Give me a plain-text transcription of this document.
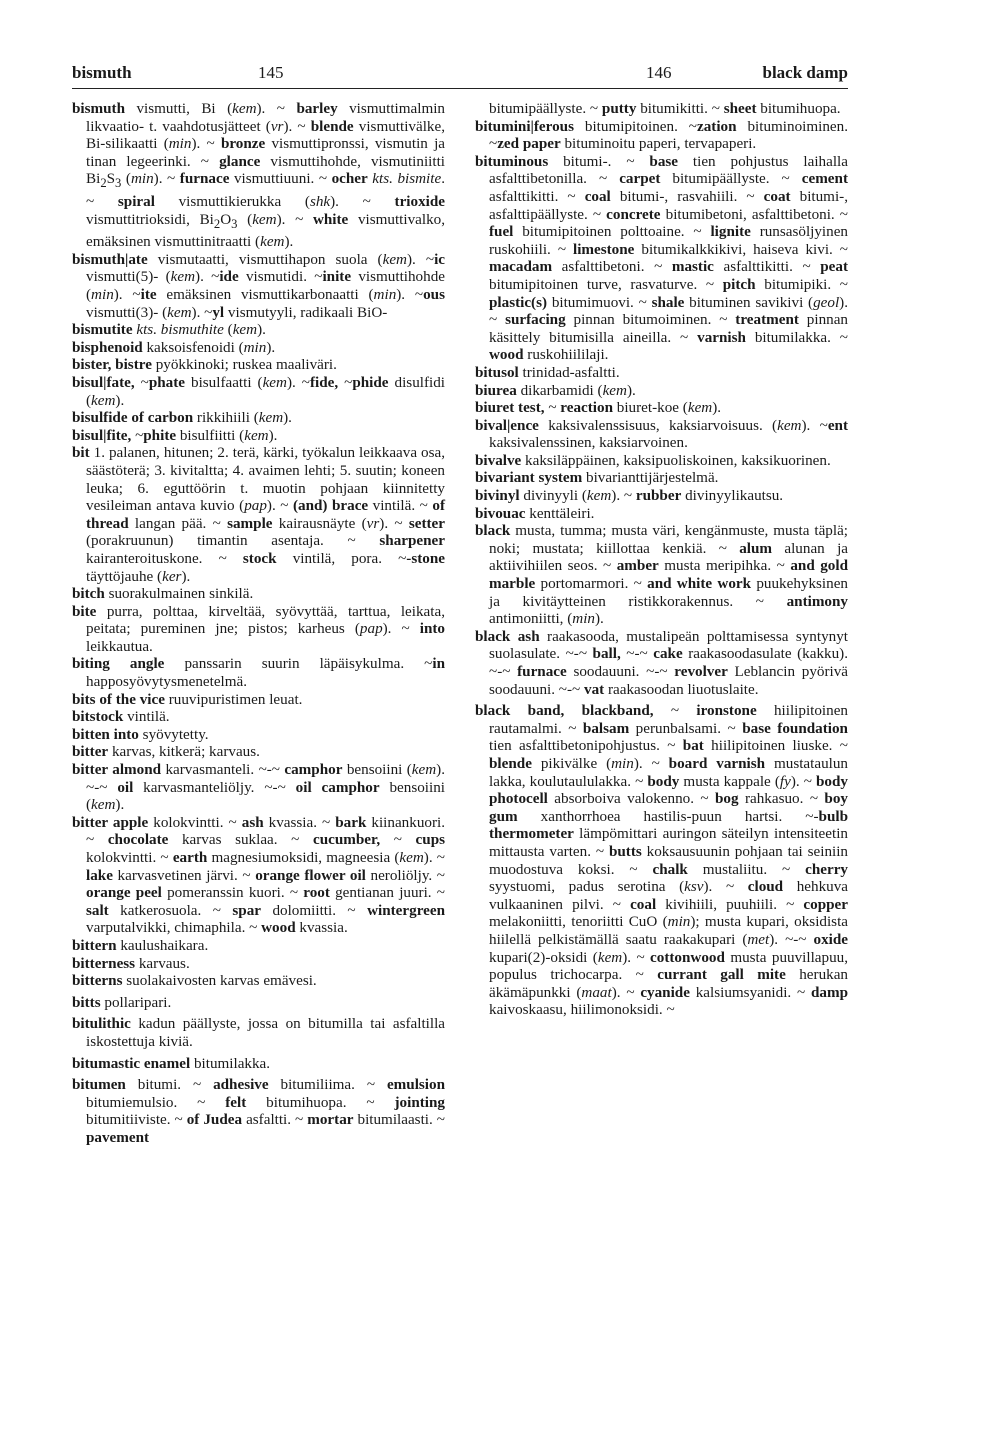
bismuth	145	146	black damp

bismuth vismutti, Bi (kem). ~ barley vismuttimalmin likvaatio- t. vaahdotusjätteet (vr). ~ blende vismuttivälke, Bi-silikaatti (min). ~ bronze vismuttipronssi, vismutin ja tinan legeerinki. ~ glance vismuttihohde, vismutiniitti $Bi_2S_3$ (min). ~ furnace vismuttiuuni. ~ ocher kts. bismite. ~ spiral vismuttikierukka (shk). ~ trioxide vismuttitrioksidi, $Bi_2O_3$ (kem). ~ white vismuttivalko, emäksinen vismuttinitraatti (kem).

bismuth|ate vismutaatti, vismuttihapon suola (kem). ~ic vismutti(5)- (kem). ~ide vismutidi. ~inite vismuttihohde (min). ~ite emäksinen vismuttikarbonaatti (min). ~ous vismutti(3)- (kem). ~yl vismutyyli, radikaali BiO-

bismutite kts. bismuthite (kem).

bisphenoid kaksoisfenoidi (min).

bister, bistre pyökkinoki; ruskea maaliväri.

bisul|fate, ~phate bisulfaatti (kem). ~fide, ~phide disulfidi (kem).

bisulfide of carbon rikkihiili (kem).

bisul|fite, ~phite bisulfiitti (kem).

bit 1. palanen, hitunen; 2. terä, kärki, työkalun leikkaava osa, säästöterä; 3. kivitaltta; 4. avaimen lehti; 5. suutin; koneen leuka; 6. eguttöörin t. muotin pohjaan kiinnitetty vesileiman antava kuvio (pap). ~ (and) brace vintilä. ~ of thread langan pää. ~ sample kairausnäyte (vr). ~ setter (porakruunun) timantin asentaja. ~ sharpener kairanteroituskone. ~ stock vintilä, pora. ~-stone täyttöjauhe (ker).

bitch suorakulmainen sinkilä.

bite purra, polttaa, kirveltää, syövyttää, tarttua, leikata, peitata; pureminen jne; pistos; karheus (pap). ~ into leikkautua.

biting angle panssarin suurin läpäisykulma. ~in happosyövytysmenetelmä.

bits of the vice ruuvipuristimen leuat.

bitstock vintilä.

bitten into syövytetty.

bitter karvas, kitkerä; karvaus.

bitter almond karvasmanteli. ~-~ camphor bensoiini (kem). ~-~ oil karvasmanteliöljy. ~-~ oil camphor bensoiini (kem).

bitter apple kolokvintti. ~ ash kvassia. ~ bark kiinankuori. ~ chocolate karvas suklaa. ~ cucumber, ~ cups kolokvintti. ~ earth magnesiumoksidi, magneesia (kem). ~ lake karvasvetinen järvi. ~ orange flower oil neroliöljy. ~ orange peel pomeranssin kuori. ~ root gentianan juuri. ~ salt katkerosuola. ~ spar dolomiitti. ~ wintergreen varputalvikki, chimaphila. ~ wood kvassia.

bittern kaulushaikara.

bitterness karvaus.

bitterns suolakaivosten karvas emävesi.

bitts pollaripari.

bitulithic kadun päällyste, jossa on bitumilla tai asfaltilla iskostettuja kiviä.

bitumastic enamel bitumilakka.

bitumen bitumi. ~ adhesive bitumiliima. ~ emulsion bitumiemulsio. ~ felt bitumihuopa. ~ jointing bitumitiiviste. ~ of Judea asfaltti. ~ mortar bitumilaasti. ~ pavement

bitumipäällyste. ~ putty bitumikitti. ~ sheet bitumihuopa.

bitumini|ferous bitumipitoinen. ~zation bituminoiminen. ~zed paper bituminoitu paperi, tervapaperi.

bituminous bitumi-. ~ base tien pohjustus laihalla asfalttibetonilla. ~ carpet bitumipäällyste. ~ cement asfalttikitti. ~ coal bitumi-, rasvahiili. ~ coat bitumi-, asfalttipäällyste. ~ concrete bitumibetoni, asfalttibetoni. ~ fuel bitumipitoinen polttoaine. ~ lignite runsasöljyinen ruskohiili. ~ limestone bitumikalkkikivi, haiseva kivi. ~ macadam asfalttibetoni. ~ mastic asfalttikitti. ~ peat bitumipitoinen turve, rasvaturve. ~ pitch bitumipiki. ~ plastic(s) bitumimuovi. ~ shale bituminen savikivi (geol). ~ surfacing pinnan bitumoiminen. ~ treatment pinnan käsittely bitumisilla aineilla. ~ varnish bitumilakka. ~ wood ruskohiililaji.

bitusol trinidad-asfaltti.

biurea dikarbamidi (kem).

biuret test, ~ reaction biuret-koe (kem).

bival|ence kaksivalenssisuus, kaksiarvoisuus. (kem). ~ent kaksivalenssinen, kaksiarvoinen.

bivalve kaksiläppäinen, kaksipuoliskoinen, kaksikuorinen.

bivariant system bivarianttijärjestelmä.

bivinyl divinyyli (kem). ~ rubber divinyylikautsu.

bivouac kenttäleiri.

black musta, tumma; musta väri, kengänmuste, musta täplä; noki; mustata; kiillottaa kenkiä. ~ alum alunan ja aktiivihiilen seos. ~ amber musta meripihka. ~ and gold marble portomarmori. ~ and white work puukehyksinen ja kivitäytteinen ristikkorakennus. ~ antimony antimoniitti, (min).

black ash raakasooda, mustalipeän polttamisessa syntynyt suolasulate. ~-~ ball, ~-~ cake raakasoodasulate (kakku). ~-~ furnace soodauuni. ~-~ revolver Leblancin pyörivä soodauuni. ~-~ vat raakasoodan liuotuslaite.

black band, blackband, ~ ironstone hiilipitoinen rautamalmi. ~ balsam perunbalsami. ~ base foundation tien asfalttibetonipohjustus. ~ bat hiilipitoinen liuske. ~ blende pikivälke (min). ~ board varnish mustataulun lakka, koulutaululakka. ~ body musta kappale (fy). ~ body photocell absorboiva valokenno. ~ bog rahkasuo. ~ boy gum xanthorrhoea hastilis-puun hartsi. ~-bulb thermometer lämpömittari auringon säteilyn intensiteetin mittausta varten. ~ butts koksausuunin pohjaan tai seiniin muodostuva koksi. ~ chalk mustaliitu. ~ cherry syystuomi, padus serotina (ksv). ~ cloud hehkuva vulkaaninen pilvi. ~ coal kivihiili, puuhiili. ~ copper melakoniitti, tenoriitti CuO (min); musta kupari, oksidista hiilellä pelkistämällä saatu raakakupari (met). ~-~ oxide kupari(2)-oksidi (kem). ~ cottonwood musta puuvillapuu, populus trichocarpa. ~ currant gall mite herukan äkämäpunkki (maat). ~ cyanide kalsiumsyanidi. ~ damp kaivoskaasu, hiilimonoksidi. ~
